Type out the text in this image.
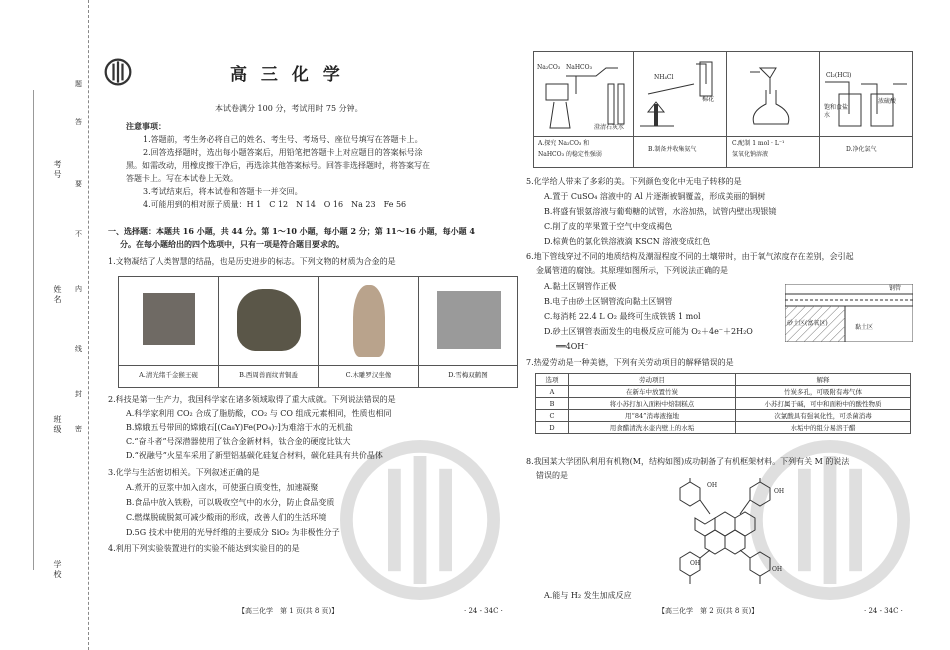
考号
姓名
班级
学校
题
答
要
不
内
线
封
密
高 三 化 学
本试卷满分 100 分，考试用时 75 分钟。
注意事项：
1.答题前，考生务必将自己的姓名、考生号、考场号、座位号填写在答题卡上。
2.回答选择题时，选出每小题答案后，用铅笔把答题卡上对应题目的答案标号涂
黑。如需改动，用橡皮擦干净后，再选涂其他答案标号。回答非选择题时，将答案写在
答题卡上。写在本试卷上无效。
3.考试结束后，将本试卷和答题卡一并交回。
4.可能用到的相对原子质量：H 1　C 12　N 14　O 16　Na 23　Fe 56
一、选择题：本题共 16 小题，共 44 分。第 1～10 小题，每小题 2 分；第 11～16 小题，每小题 4
分。在每小题给出的四个选项中，只有一项是符合题目要求的。
1.文物凝结了人类智慧的结晶，也是历史进步的标志。下列文物的材质为合金的是
A.清光绪千金猴王砚	B.西周兽面纹青铜盉	C.木雕罗汉坐像	D.雪梅双鹤图
2.科技是第一生产力，我国科学家在诸多领域取得了重大成就。下列说法错误的是
A.科学家利用 CO₂ 合成了脂肪酸，CO₂ 与 CO 组成元素相同，性质也相同
B.嫦娥五号带回的嫦娥石[(Ca₈Y)Fe(PO₄)₇]为难溶于水的无机盐
C.“奋斗者”号深潜器使用了钛合金新材料，钛合金的硬度比钛大
D.“祝融号”火星车采用了新型铝基碳化硅复合材料，碳化硅具有共价晶体
3.化学与生活密切相关。下列叙述正确的是
A.煮开的豆浆中加入卤水，可使蛋白质变性，加速凝聚
B.食品中放入铁粉，可以吸收空气中的水分，防止食品变质
C.燃煤脱硫脱氮可减少酸雨的形成，改善人们的生活环境
D.5G 技术中使用的光导纤维的主要成分 SiO₂ 为非极性分子
4.利用下列实验装置进行的实验不能达到实验目的的是
【高三化学　第 1 页(共 8 页)】	· 24 - 34C ·
Na₂CO₃ NaHCO₃
澄清石灰水
NH₄Cl
棉花
Cl₂(HCl)
饱和食盐水
浓硫酸
A.探究 Na₂CO₃ 和
NaHCO₃ 的稳定性强弱
B.制备并收集氨气
C.配制 1 mol · L⁻¹
氢氧化钠溶液
D.净化氯气
5.化学给人带来了多彩的美。下列颜色变化中无电子转移的是
A.置于 CuSO₄ 溶液中的 Al 片逐渐被铜覆盖，形成美丽的铜树
B.将盛有银氨溶液与葡萄糖的试管，水浴加热，试管内壁出现银镜
C.削了皮的苹果置于空气中变成褐色
D.棕黄色的氯化铁溶液滴 KSCN 溶液变成红色
6.地下管线穿过不同的地质结构及潮湿程度不同的土壤带时，由于氧气浓度存在差别，会引起
金属管道的腐蚀。其原理如图所示，下列说法正确的是
A.黏土区钢管作正极
B.电子由砂土区钢管流向黏土区钢管
C.每消耗 22.4 L O₂ 最终可生成铁锈 1 mol
D.砂土区钢管表面发生的电极反应可能为 O₂＋4e⁻＋2H₂O
══4OH⁻
钢管
砂土区(富氧区)
黏土区
7.热爱劳动是一种美德，下列有关劳动项目的解释错误的是
选项	劳动项目	解释
A	在新车中放置竹炭	竹炭多孔，可吸附有毒气体
B	将小苏打加入面粉中焙制糕点	小苏打属于碱，可中和面粉中的酸性物质
C	用“84”消毒液拖地	次氯酸具有强氧化性，可杀菌消毒
D	用食醋清洗水壶内壁上的水垢	水垢中的组分易溶于醋
8.我国某大学团队利用有机物(M，结构如图)成功制备了有机框架材料。下列有关 M 的说法
错误的是
OH
OH
OH
OH
A.能与 H₂ 发生加成反应
【高三化学　第 2 页(共 8 页)】	· 24 - 34C ·
